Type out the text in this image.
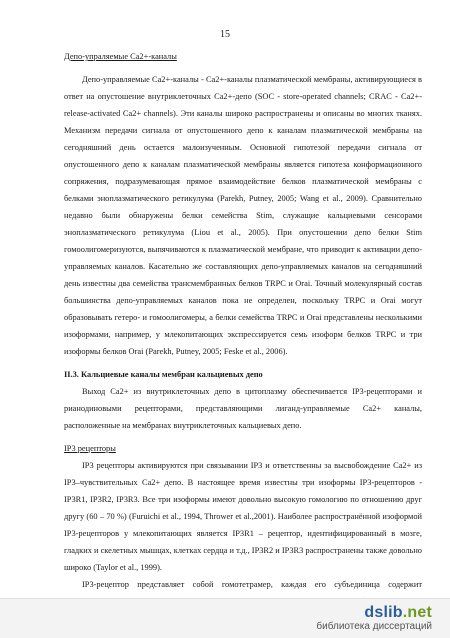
15
Депо-упраляемые Ca2+-каналы

Депо-управляемые Ca2+-каналы - Ca2+-каналы плазматической мембраны, активирующиеся в ответ на опустошение внутриклеточных Ca2+-депо (SOC - store-operated channels; CRAC - Ca2+-release-activated Ca2+ channels). Эти каналы широко распространены и описаны во многих тканях. Механизм передачи сигнала от опустошенного депо к каналам плазматической мембраны на сегодняшний день остается малоизученным. Основной гипотезой передачи сигнала от опустошенного депо к каналам плазматической мембраны является гипотеза конформационного сопряжения, подразумевающая прямое взаимодействие белков плазматической мембраны с белками эноплазматического ретикулума (Parekh, Putney, 2005; Wang et al., 2009). Сравнительно недавно были обнаружены белки семейства Stim, служащие кальциевыми сенсорами эноплазматического ретикулума (Liou et al., 2005). При опустошении депо белки Stim гомоолигомеризуются, выпячиваются к плазматической мембране, что приводит к активации депо-управляемых каналов. Касательно же составляющих депо-управляемых каналов на сегодняшний день известны два семейства трансмембранных белков TRPC и Orai. Точный молекулярный состав большинства депо-управляемых каналов пока не определен, поскольку TRPC и Orai могут образовывать гетеро- и гомоолигомеры, а белки семейства TRPC и Orai представлены несколькими изоформами, например, у млекопитающих экспрессируется семь изоформ белков TRPC и три изоформы белков Orai (Parekh, Putney, 2005; Feske et al., 2006).

II.3. Кальциевые каналы мембран кальциевых депо

Выход Ca2+ из внутриклеточных депо в цитоплазму обеспечивается IP3-рецепторами и рианодиновыми рецепторами, представляющими лиганд-управляемые Ca2+ каналы, расположенные на мембранах внутриклеточных кальциевых депо.

IP3 рецепторы

IP3 рецепторы активируются при связывании IP3 и ответственны за высвобождение Ca2+ из IP3–чувствительных Ca2+ депо. В настоящее время известны три изоформы IP3-рецепторов - IP3R1, IP3R2, IP3R3. Все три изоформы имеют довольно высокую гомологию по отношению друг другу (60 – 70 %) (Furuichi et al., 1994, Thrower et al.,2001). Наиболее распространённой изоформой IP3-рецепторов у млекопитающих является IP3R1 – рецептор, идентифицированный в мозге, гладких и скелетных мышцах, клетках сердца и т.д., IP3R2 и IP3R3 распространены также довольно широко (Taylor et al., 1999).

IP3-рецептор представляет собой гомотетрамер, каждая его субъединица содержит

dslib.net
библиотека диссертаций
